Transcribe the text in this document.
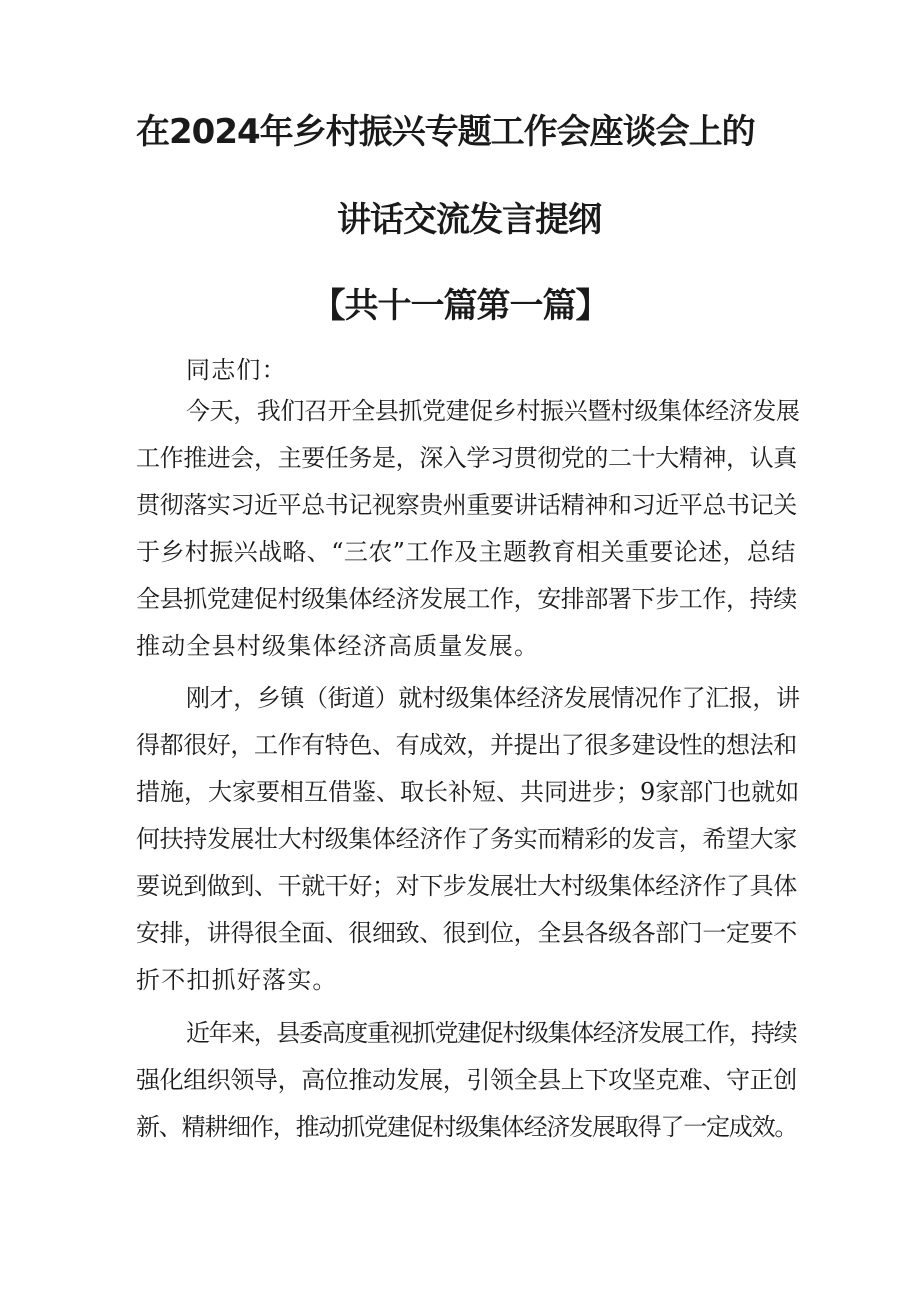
在2024年乡村振兴专题工作会座谈会上的
讲话交流发言提纲
【共十一篇第一篇】
同志们：
今天，我们召开全县抓党建促乡村振兴暨村级集体经济发展
工作推进会，主要任务是，深入学习贯彻党的二十大精神，认真
贯彻落实习近平总书记视察贵州重要讲话精神和习近平总书记关
于乡村振兴战略、“三农”工作及主题教育相关重要论述，总结
全县抓党建促村级集体经济发展工作，安排部署下步工作，持续
推动全县村级集体经济高质量发展。
刚才，乡镇（街道）就村级集体经济发展情况作了汇报，讲
得都很好，工作有特色、有成效，并提出了很多建设性的想法和
措施，大家要相互借鉴、取长补短、共同进步；9家部门也就如
何扶持发展壮大村级集体经济作了务实而精彩的发言，希望大家
要说到做到、干就干好；对下步发展壮大村级集体经济作了具体
安排，讲得很全面、很细致、很到位，全县各级各部门一定要不
折不扣抓好落实。
近年来，县委高度重视抓党建促村级集体经济发展工作，持续
强化组织领导，高位推动发展，引领全县上下攻坚克难、守正创
新、精耕细作，推动抓党建促村级集体经济发展取得了一定成效。
